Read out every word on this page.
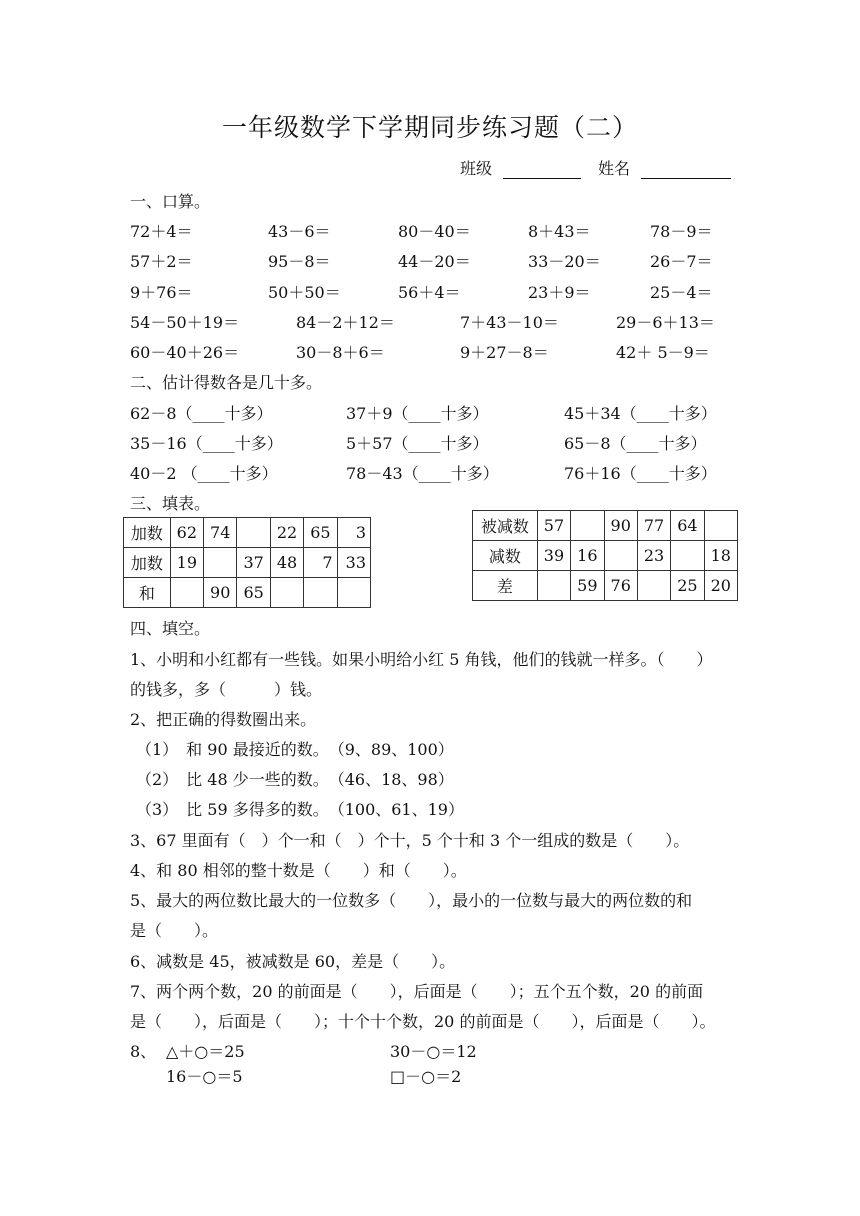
一年级数学下学期同步练习题（二）
班级	姓名
一、口算。
72＋4＝	43－6＝	80－40＝	8＋43＝	78－9＝
57＋2＝	95－8＝	44－20＝	33－20＝	26－7＝
9＋76＝	50＋50＝	56＋4＝	23＋9＝	25－4＝
54－50＋19＝	84－2＋12＝	7＋43－10＝	29－6＋13＝
60－40＋26＝	30－8＋6＝	9＋27－8＝	42＋ 5－9＝
二、估计得数各是几十多。
62－8（____十多）	37＋9（____十多）	45＋34（____十多）
35－16（____十多）	5＋57（____十多）	65－8（____十多）
40－2 （____十多）	78－43（____十多）	76＋16（____十多）
三、填表。
加数	62	74		22	65	3
加数	19		37	48	7	33
和		90	65			
被减数	57		90	77	64	
减数	39	16		23		18
差		59	76		25	20
四、填空。
1、小明和小红都有一些钱。如果小明给小红 5 角钱，他们的钱就一样多。（　　）
的钱多，多（　　　）钱。
2、把正确的得数圈出来。
（1）　和 90 最接近的数。　（9、89、100）
（2）　比 48 少一些的数。　（46、18、98）
（3）　比 59 多得多的数。　（100、61、19）
3、67 里面有（　）个一和（　）个十，5 个十和 3 个一组成的数是（　　）。
4、和 80 相邻的整十数是（　　）和（　　）。
5、最大的两位数比最大的一位数多（　　），最小的一位数与最大的两位数的和
是（　　）。
6、减数是 45，被减数是 60，差是（　　）。
7、两个两个数，20 的前面是（　　），后面是（　　）；五个五个数，20 的前面
是（　　），后面是（　　）；十个十个数，20 的前面是（　　），后面是（　　）。
8、 △＋○＝25	30－○＝12
16－○＝5	□－○＝2
